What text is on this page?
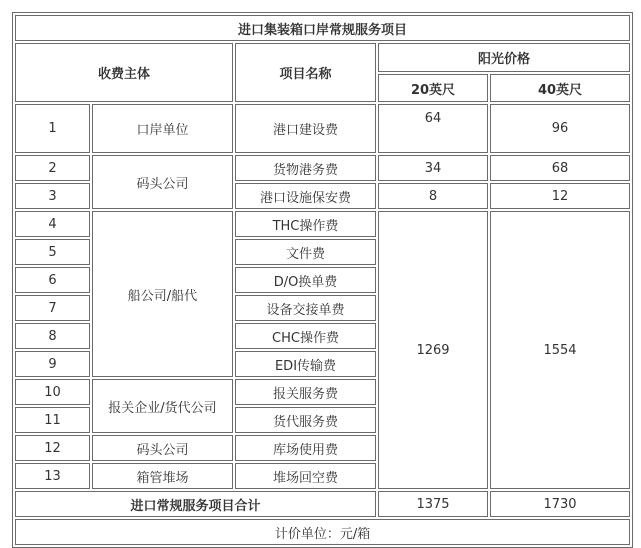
进口集装箱口岸常规服务项目				
收费主体		项目名称	阳光价格	
			20英尺	40英尺
1	口岸单位	港口建设费	64	96
2	码头公司	货物港务费	34	68
3		港口设施保安费	8	12
4	船公司/船代	THC操作费	1269	1554
5		文件费		
6		D/O换单费		
7		设备交接单费		
8		CHC操作费		
9		EDI传输费		
10	报关企业/货代公司	报关服务费		
11		货代服务费		
12	码头公司	库场使用费		
13	箱管堆场	堆场回空费		
进口常规服务项目合计			1375	1730
计价单位：元/箱				
